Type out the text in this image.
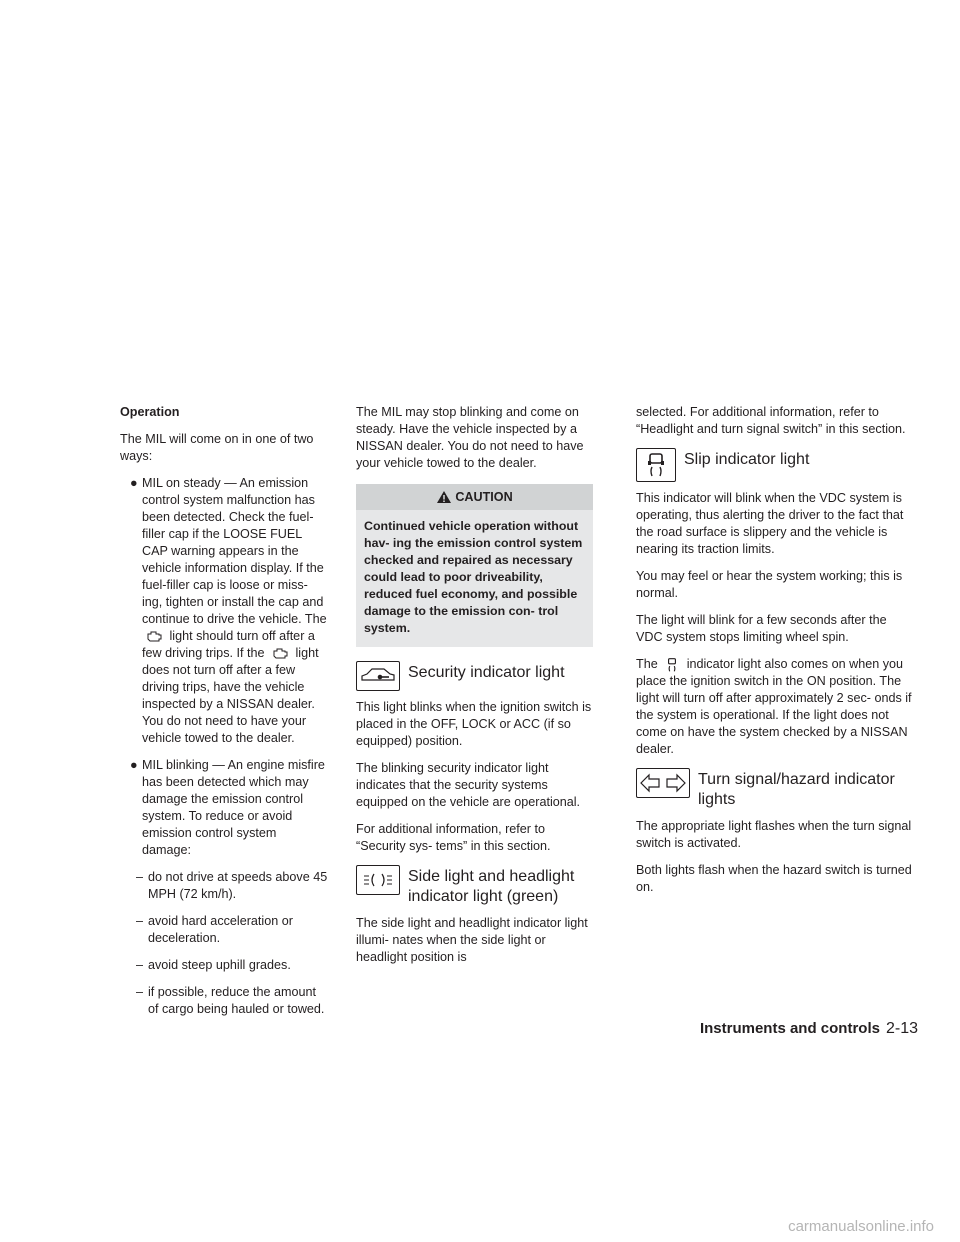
Operation

The MIL will come on in one of two ways:

● MIL on steady — An emission control system malfunction has been detected. Check the fuel-filler cap if the LOOSE FUEL CAP warning appears in the vehicle information display. If the fuel-filler cap is loose or miss- ing, tighten or install the cap and continue to drive the vehicle. The  light should turn off after a few driving trips. If the light does not turn off after a few driving trips, have the vehicle inspected by a NISSAN dealer. You do not need to have your vehicle towed to the dealer.
● MIL blinking — An engine misfire has been detected which may damage the emission control system. To reduce or avoid emission control system damage:
– do not drive at speeds above 45 MPH (72 km/h).
– avoid hard acceleration or deceleration.
– avoid steep uphill grades.
– if possible, reduce the amount of cargo being hauled or towed.

The MIL may stop blinking and come on steady. Have the vehicle inspected by a NISSAN dealer. You do not need to have your vehicle towed to the dealer.

CAUTION
Continued vehicle operation without hav- ing the emission control system checked and repaired as necessary could lead to poor driveability, reduced fuel economy, and possible damage to the emission con- trol system.
Security indicator light

This light blinks when the ignition switch is placed in the OFF, LOCK or ACC (if so equipped) position.

The blinking security indicator light indicates that the security systems equipped on the vehicle are operational.

For additional information, refer to “Security sys- tems” in this section.

Side light and headlight indicator light (green)

The side light and headlight indicator light illumi- nates when the side light or headlight position is

selected. For additional information, refer to “Headlight and turn signal switch” in this section.

Slip indicator light

This indicator will blink when the VDC system is operating, thus alerting the driver to the fact that the road surface is slippery and the vehicle is nearing its traction limits.

You may feel or hear the system working; this is normal.

The light will blink for a few seconds after the VDC system stops limiting wheel spin.

The indicator light also comes on when you place the ignition switch in the ON position. The light will turn off after approximately 2 sec- onds if the system is operational. If the light does not come on have the system checked by a NISSAN dealer.

Turn signal/hazard indicator lights

The appropriate light flashes when the turn signal switch is activated.

Both lights flash when the hazard switch is turned on.

Instruments and controls 2-13
carmanualsonline.info
